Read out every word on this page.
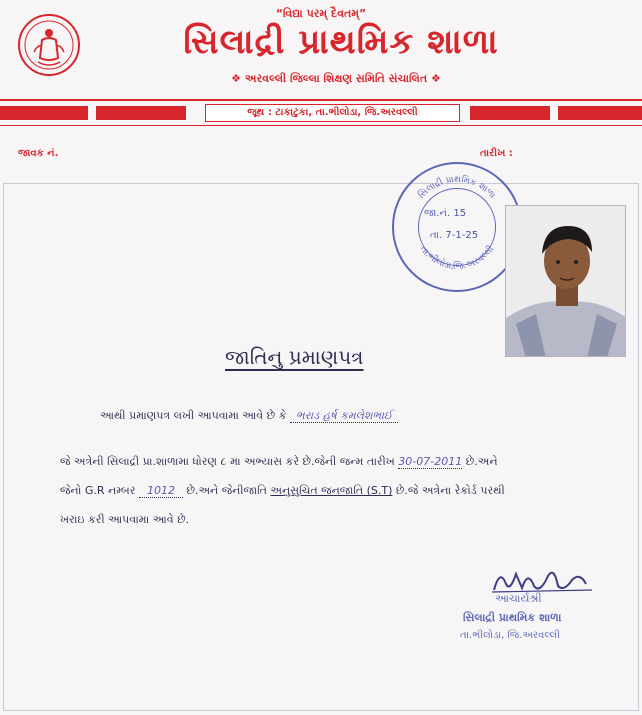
“વિદ્યા પરમ્ દૈવતમ્”
સિલાદ્રી પ્રાથમિક શાળા
❖ અરવલ્લી જિલ્લા શિક્ષણ સમિતિ સંચાલિત ❖
જૂથ : ટાકાટુકા, તા.ભીલોડા, જિ.અરવલ્લી
જાવક નં.	તારીખ :
સિલાદ્રી પ્રાથમિક શાળા
તા.ભીલોડા,જિ.અરવલ્લી
જા.નં. 15
તા. 7-1-25
જાતિનુ પ્રમાણપત્ર
આથી પ્રમાણપત્ર લખી આપવામા આવે છે કે ભરાડ હર્ષ કમલેશભાઈ
જે અત્રેની સિલાદ્રી પ્રા.શાળામા ધોરણ ૮ મા અભ્યાસ કરે છે.જેની જન્મ તારીખ 30-07-2011 છે.અને
જેનો G.R નમ્બર 1012 છે.અને જેનીજાતિ અનુસુચિત જનજાતિ (S.T) છે.જે અત્રેના રેકોર્ડ પરથી
ખરાઇ કરી આપવામા આવે છે.
આચાર્યશ્રી
સિલાદ્રી પ્રાથમિક શાળા
તા.ભીલોડા, જિ.અરવલ્લી
